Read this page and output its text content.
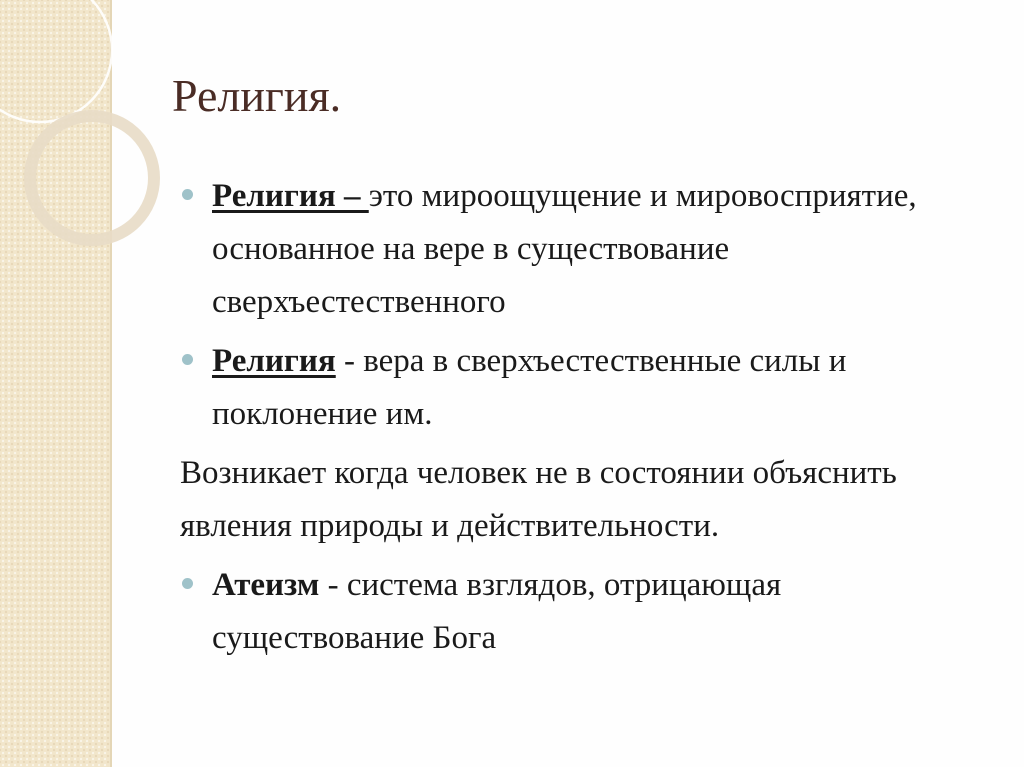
Религия.

Религия – это мироощущение и мировосприятие, основанное на вере в существование сверхъестественного

Религия - вера в сверхъестественные силы и поклонение им.

Возникает когда человек не в состоянии объяснить явления природы и действительности.

Атеизм - система взглядов, отрицающая существование Бога
